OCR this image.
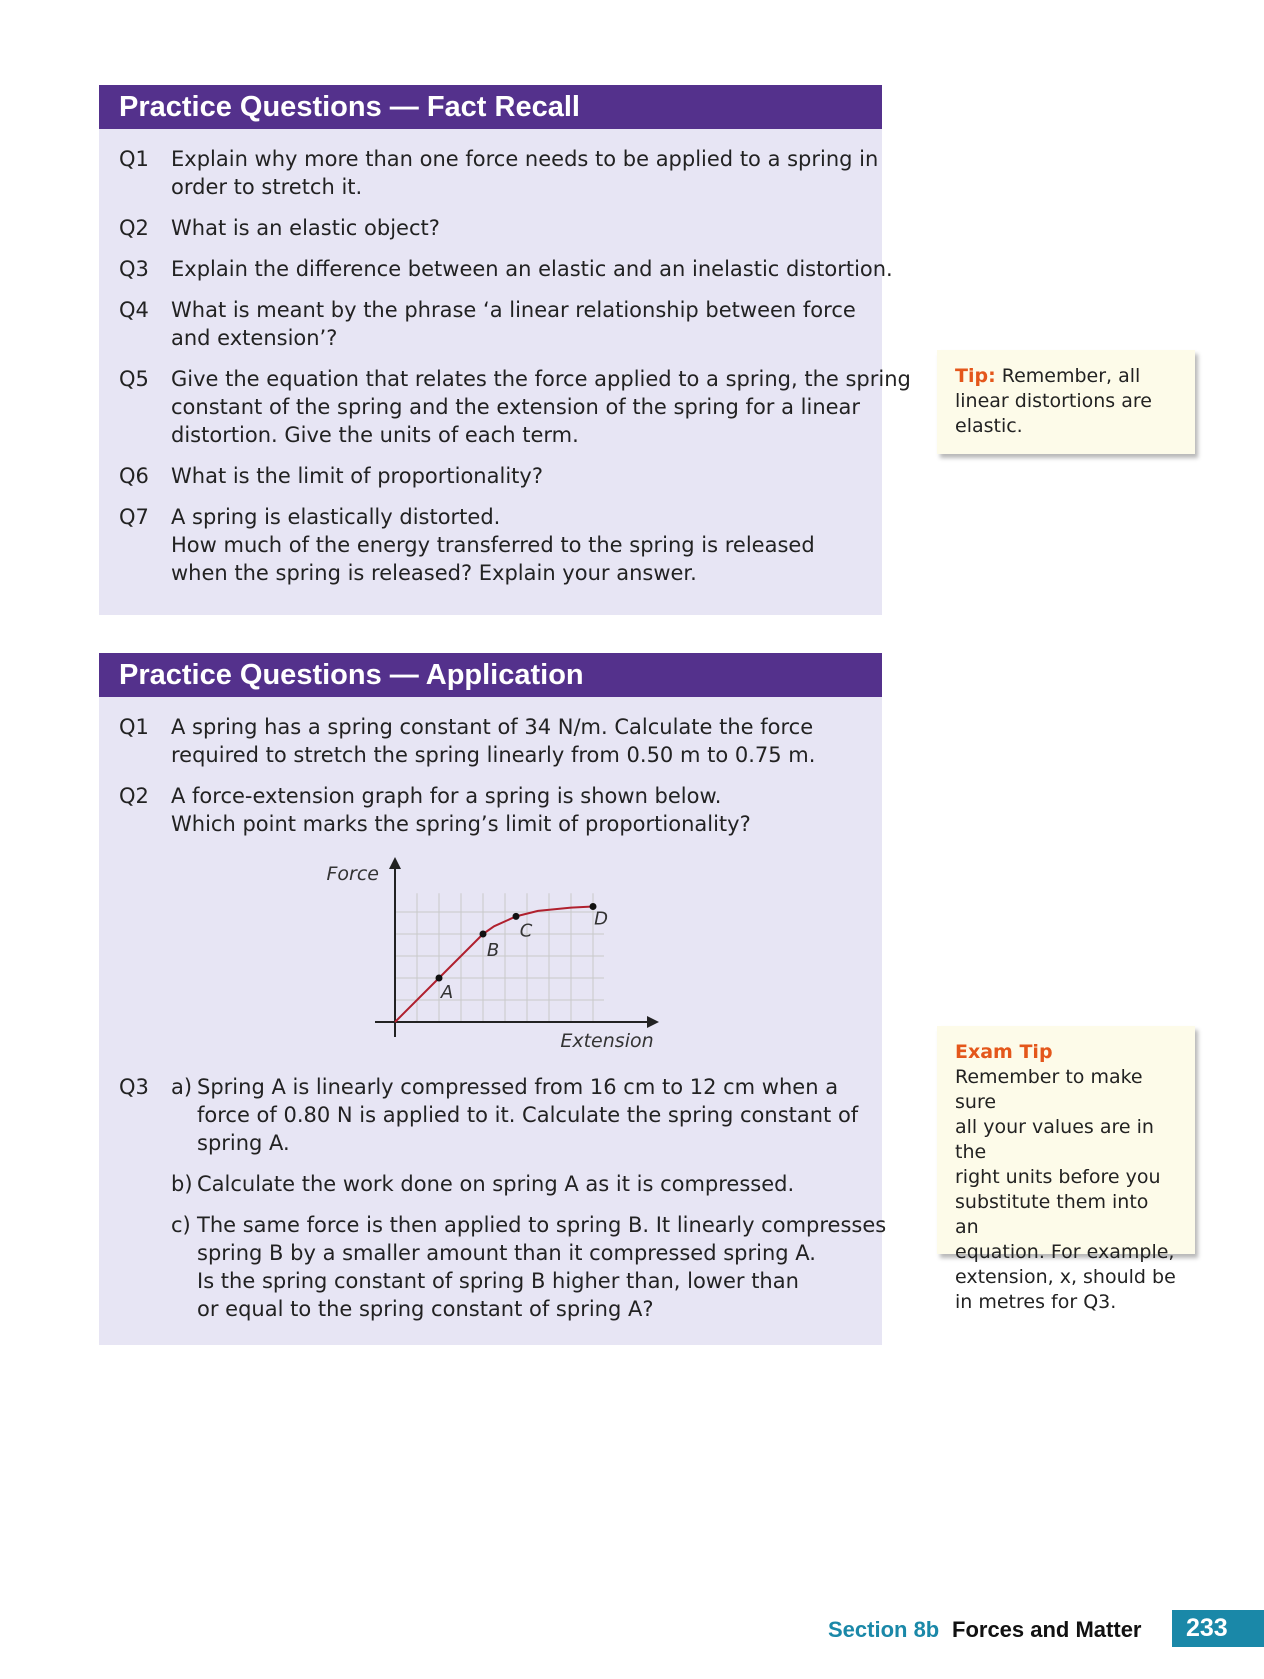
Practice Questions — Fact Recall
Q1 Explain why more than one force needs to be applied to a spring in
order to stretch it.
Q2 What is an elastic object?
Q3 Explain the difference between an elastic and an inelastic distortion.
Q4 What is meant by the phrase ‘a linear relationship between force
and extension’?
Q5 Give the equation that relates the force applied to a spring, the spring
constant of the spring and the extension of the spring for a linear
distortion. Give the units of each term.
Q6 What is the limit of proportionality?
Q7 A spring is elastically distorted.
How much of the energy transferred to the spring is released
when the spring is released? Explain your answer.
Practice Questions — Application
Q1 A spring has a spring constant of 34 N/m. Calculate the force
required to stretch the spring linearly from 0.50 m to 0.75 m.
Q2 A force-extension graph for a spring is shown below.
Which point marks the spring’s limit of proportionality?
Force
Extension
A
B
C
D
Q3 a) Spring A is linearly compressed from 16 cm to 12 cm when a
force of 0.80 N is applied to it. Calculate the spring constant of
spring A.
b) Calculate the work done on spring A as it is compressed.
c) The same force is then applied to spring B. It linearly compresses
spring B by a smaller amount than it compressed spring A.
Is the spring constant of spring B higher than, lower than
or equal to the spring constant of spring A?
Tip: Remember, all
linear distortions are
elastic.
Exam Tip
Remember to make sure
all your values are in the
right units before you
substitute them into an
equation. For example,
extension, x, should be
in metres for Q3.
Section 8b Forces and Matter	233
